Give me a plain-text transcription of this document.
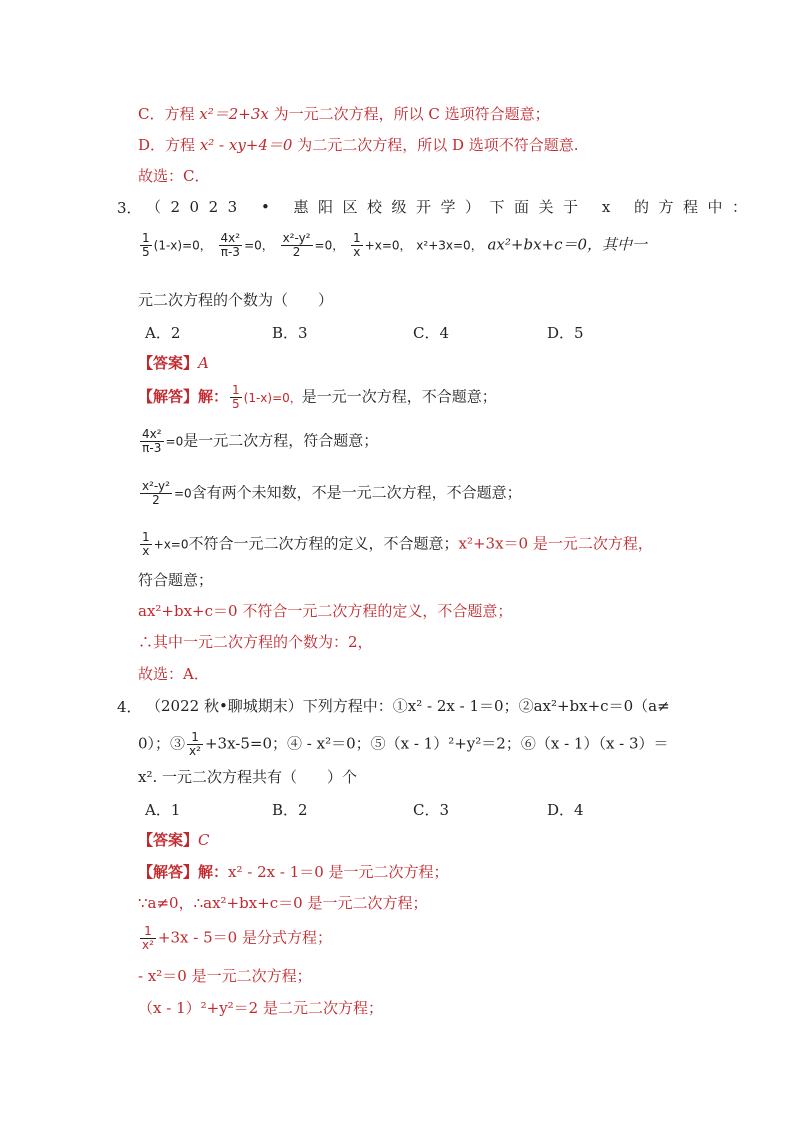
C．方程 x²＝2+3x 为一元二次方程，所以 C 选项符合题意；
D．方程 x² - xy+4＝0 为二元二次方程，所以 D 选项不符合题意.
故选：C．
3． （2023 • 惠阳区校级开学）下面关于 x 的方程中：
$\frac{1}{5} (1-x)=0$， $\frac{\text{4x²}}{\pi-3} =0$， $\frac{\text{x²-y²}}{2} =0$， $\frac{1}{x} +x=0$， x²+3x=0， ax²+bx+c＝0，其中一
元二次方程的个数为（　　）
A．2	B．3	C．4	D．5
【答案】A
【解答】解： $\frac{1}{5} (1-x)=0$，是一元一次方程，不合题意；
$\frac{\text{4x²}}{\pi-3} =0$是一元二次方程，符合题意；
$\frac{\text{x²-y²}}{2} =0$含有两个未知数，不是一元二次方程，不合题意；
$\frac{1}{x} +x=0$不符合一元二次方程的定义，不合题意；x²+3x＝0 是一元二次方程，
符合题意；
ax²+bx+c＝0 不符合一元二次方程的定义，不合题意；
∴其中一元二次方程的个数为：2，
故选：A．
4． （2022 秋•聊城期末）下列方程中：①x² - 2x - 1＝0；②ax²+bx+c＝0（a≠
0）；③ $\frac{1}{\text{x²}} +3x-5=0$；④ - x²＝0；⑤（x - 1）²+y²＝2；⑥（x - 1）（x - 3）＝
x². 一元二次方程共有（　　）个
A．1	B．2	C．3	D．4
【答案】C
【解答】解：x² - 2x - 1＝0 是一元二次方程；
∵a≠0，∴ax²+bx+c＝0 是一元二次方程；
$\frac{1}{\text{x²}} +3x - 5=0$ 是分式方程；
- x²＝0 是一元二次方程；
（x - 1）²+y²＝2 是二元二次方程；
